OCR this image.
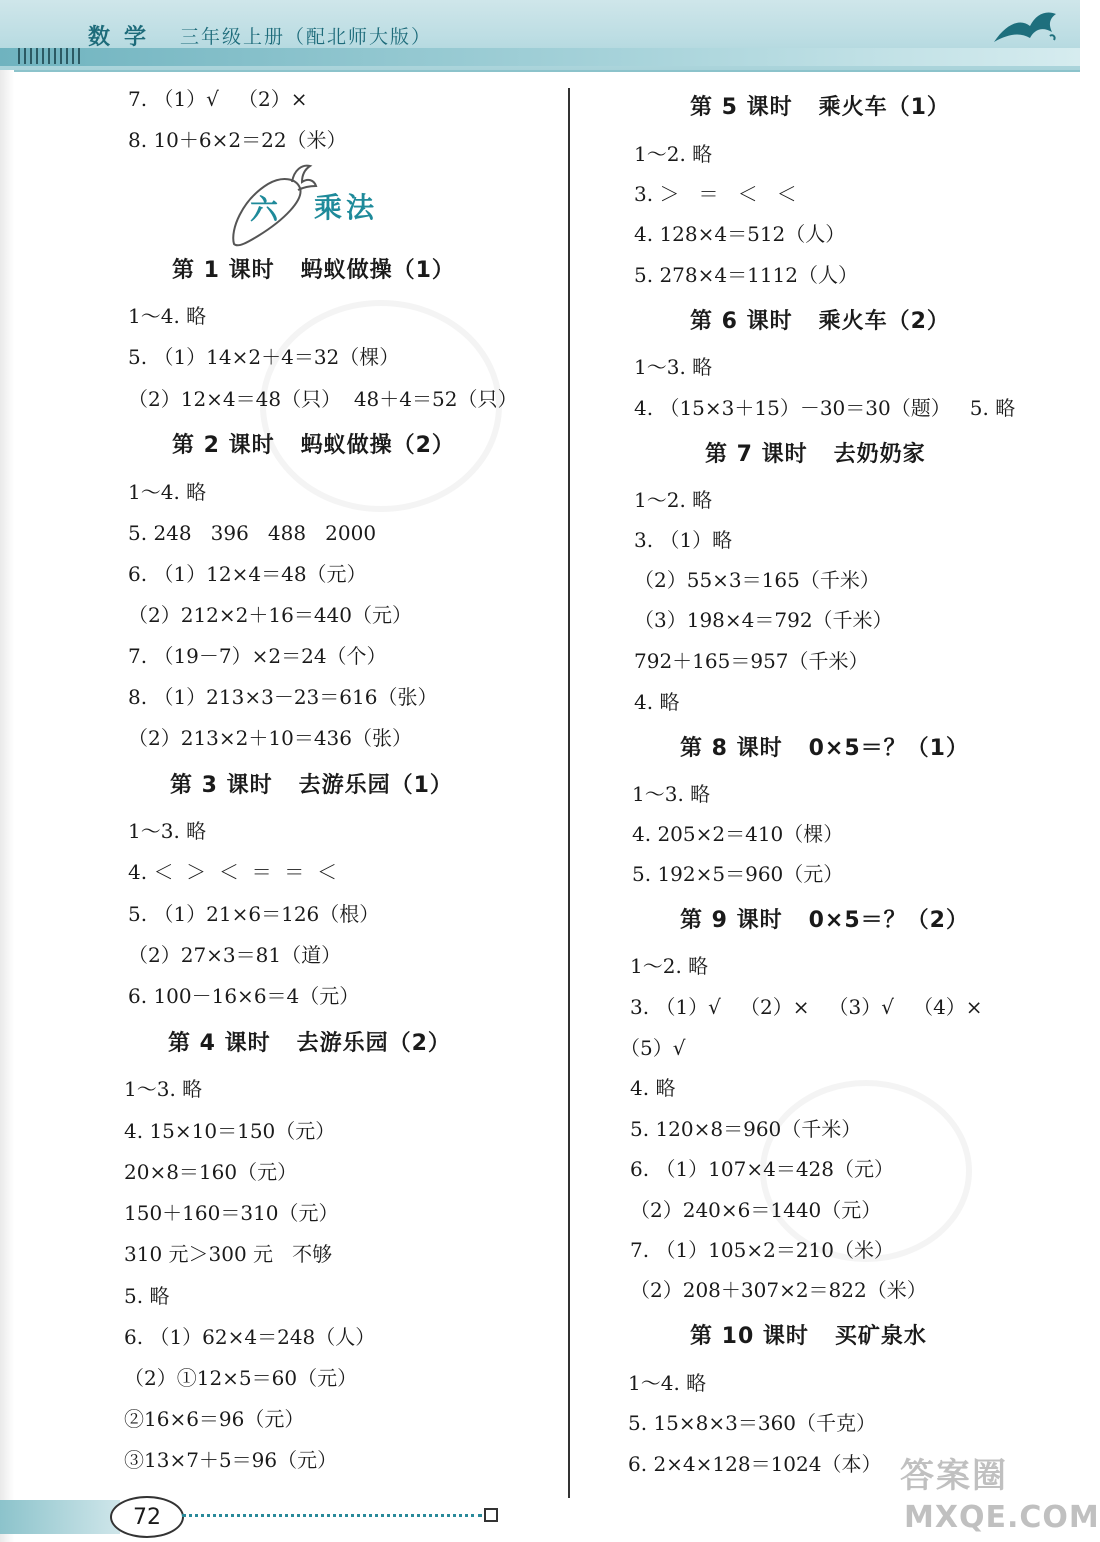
数学 三年级上册（配北师大版）
六 乘法
7. （1）√   （2）×
8. 10＋6×2＝22（米）
第 1 课时   蚂蚁做操（1）
1～4. 略
5. （1）14×2＋4＝32（棵）
（2）12×4＝48（只）  48＋4＝52（只）
第 2 课时   蚂蚁做操（2）
1～4. 略
5. 248   396   488   2000
6. （1）12×4＝48（元）
（2）212×2＋16＝440（元）
7. （19－7）×2＝24（个）
8. （1）213×3－23＝616（张）
（2）213×2＋10＝436（张）
第 3 课时   去游乐园（1）
1～3. 略
4. ＜  ＞  ＜  ＝  ＝  ＜
5. （1）21×6＝126（根）
（2）27×3＝81（道）
6. 100－16×6＝4（元）
第 4 课时   去游乐园（2）
1～3. 略
4. 15×10＝150（元）
20×8＝160（元）
150＋160＝310（元）
310 元＞300 元   不够
5. 略
6. （1）62×4＝248（人）
（2）①12×5＝60（元）
②16×6＝96（元）
③13×7＋5＝96（元）
第 5 课时   乘火车（1）
1～2. 略
3. ＞   ＝   ＜   ＜
4. 128×4＝512（人）
5. 278×4＝1112（人）
第 6 课时   乘火车（2）
1～3. 略
4. （15×3＋15）－30＝30（题）   5. 略
第 7 课时   去奶奶家
1～2. 略
3. （1）略
（2）55×3＝165（千米）
（3）198×4＝792（千米）
792＋165＝957（千米）
4. 略
第 8 课时   0×5＝？（1）
1～3. 略
4. 205×2＝410（棵）
5. 192×5＝960（元）
第 9 课时   0×5＝？（2）
1～2. 略
3. （1）√   （2）×   （3）√   （4）×
（5）√
4. 略
5. 120×8＝960（千米）
6. （1）107×4＝428（元）
（2）240×6＝1440（元）
7. （1）105×2＝210（米）
（2）208＋307×2＝822（米）
第 10 课时   买矿泉水
1～4. 略
5. 15×8×3＝360（千克）
6. 2×4×128＝1024（本）
72
答案圈
MXQE.COM
